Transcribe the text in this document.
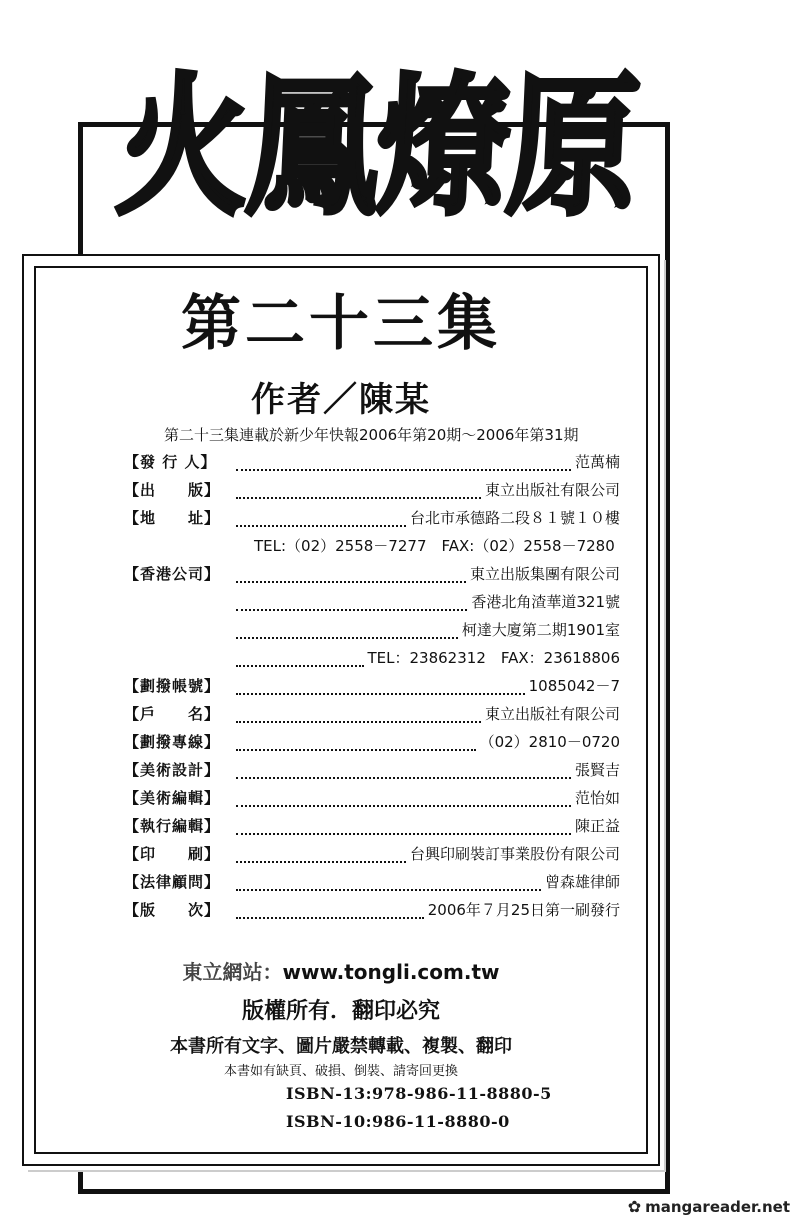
火鳳燎原
第二十三集
作者／陳某
第二十三集連載於新少年快報2006年第20期～2006年第31期
【發 行 人】	范萬楠
【出　　版】	東立出版社有限公司
【地　　址】	台北市承德路二段８１號１０樓
TEL:（02）2558－7277　FAX:（02）2558－7280
【香港公司】	東立出版集團有限公司
香港北角渣華道321號
柯達大廈第二期1901室
TEL：23862312　FAX：23618806
【劃撥帳號】	1085042－7
【戶　　名】	東立出版社有限公司
【劃撥專線】	（02）2810－0720
【美術設計】	張賢吉
【美術編輯】	范怡如
【執行編輯】	陳正益
【印　　刷】	台興印刷裝訂事業股份有限公司
【法律顧問】	曾森雄律師
【版　　次】	2006年７月25日第一刷發行
東立網站：www.tongli.com.tw
版權所有．翻印必究
本書所有文字、圖片嚴禁轉載、複製、翻印
本書如有缺頁、破損、倒裝、請寄回更換
ISBN-13:978-986-11-8880-5
ISBN-10:986-11-8880-0
✿ mangareader.net
